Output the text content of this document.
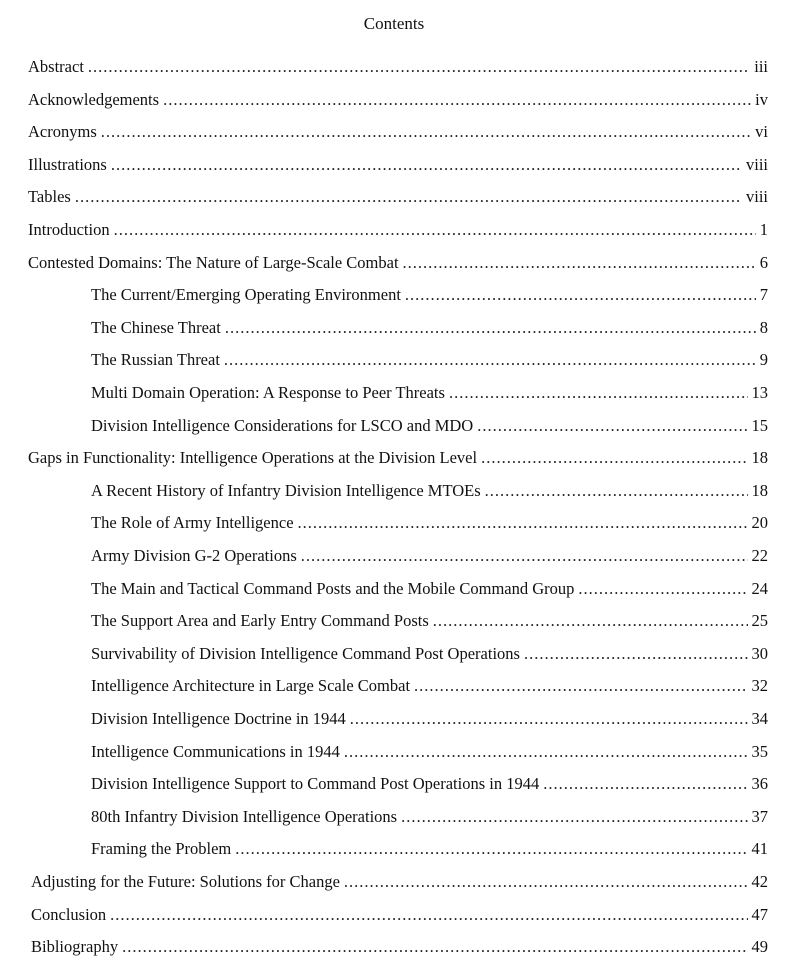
Contents
Abstract .....	iii
Acknowledgements .....	iv
Acronyms .....	vi
Illustrations .....	viii
Tables .....	viii
Introduction .....	1
Contested Domains: The Nature of Large-Scale Combat .....	6
The Current/Emerging Operating Environment .....	7
The Chinese Threat .....	8
The Russian Threat .....	9
Multi Domain Operation: A Response to Peer Threats .....	13
Division Intelligence Considerations for LSCO and MDO .....	15
Gaps in Functionality: Intelligence Operations at the Division Level .....	18
A Recent History of Infantry Division Intelligence MTOEs .....	18
The Role of Army Intelligence .....	20
Army Division G-2 Operations .....	22
The Main and Tactical Command Posts and the Mobile Command Group .....	24
The Support Area and Early Entry Command Posts .....	25
Survivability of Division Intelligence Command Post Operations .....	30
Intelligence Architecture in Large Scale Combat .....	32
Division Intelligence Doctrine in 1944 .....	34
Intelligence Communications in 1944 .....	35
Division Intelligence Support to Command Post Operations in 1944 .....	36
80th Infantry Division Intelligence Operations .....	37
Framing the Problem .....	41
Adjusting for the Future: Solutions for Change .....	42
Conclusion .....	47
Bibliography .....	49
